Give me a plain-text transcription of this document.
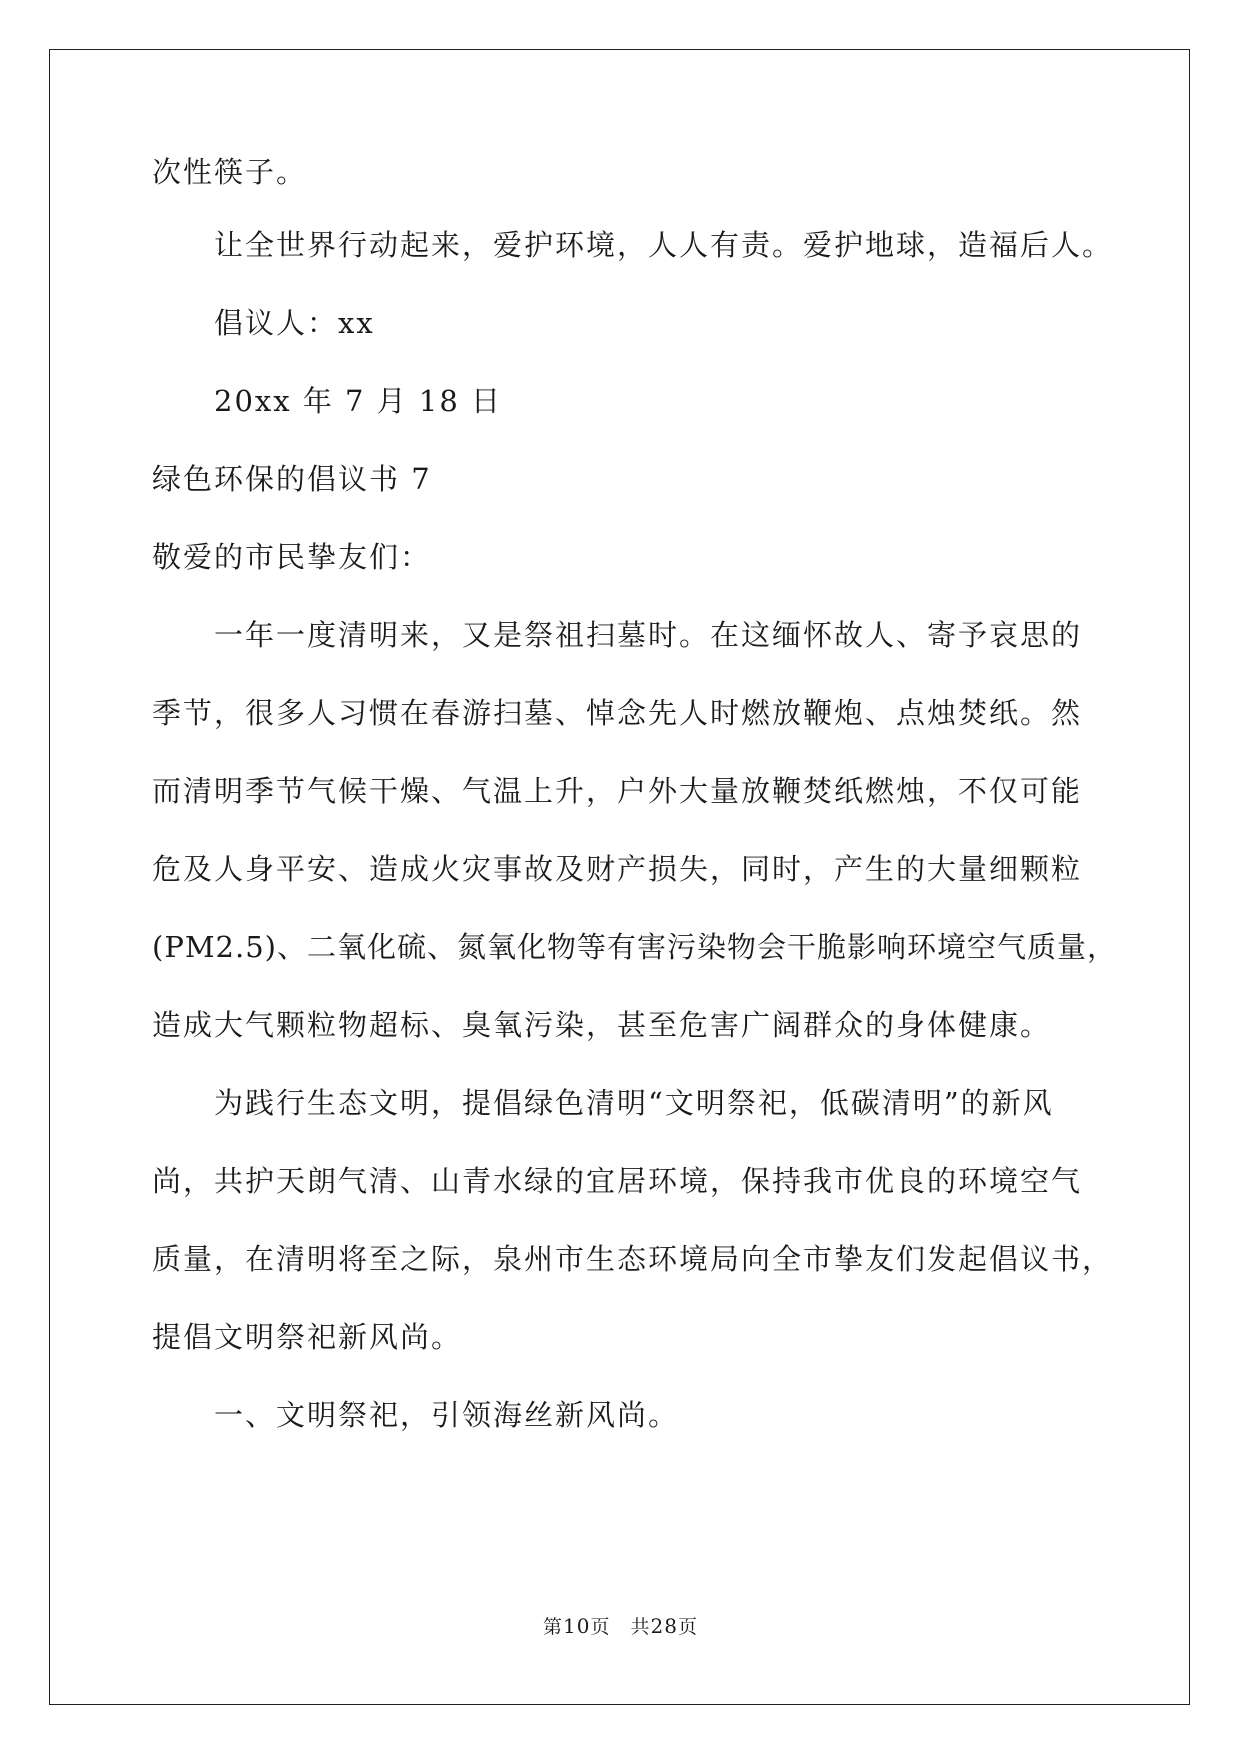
次性筷子。
让全世界行动起来，爱护环境，人人有责。爱护地球，造福后人。
倡议人：xx
20xx 年 7 月 18 日
绿色环保的倡议书 7
敬爱的市民挚友们：
一年一度清明来，又是祭祖扫墓时。在这缅怀故人、寄予哀思的
季节，很多人习惯在春游扫墓、悼念先人时燃放鞭炮、点烛焚纸。然
而清明季节气候干燥、气温上升，户外大量放鞭焚纸燃烛，不仅可能
危及人身平安、造成火灾事故及财产损失，同时，产生的大量细颗粒
(PM2.5)、二氧化硫、氮氧化物等有害污染物会干脆影响环境空气质量，
造成大气颗粒物超标、臭氧污染，甚至危害广阔群众的身体健康。
为践行生态文明，提倡绿色清明“文明祭祀，低碳清明”的新风
尚，共护天朗气清、山青水绿的宜居环境，保持我市优良的环境空气
质量，在清明将至之际，泉州市生态环境局向全市挚友们发起倡议书，
提倡文明祭祀新风尚。
一、文明祭祀，引领海丝新风尚。
第10页　共28页
